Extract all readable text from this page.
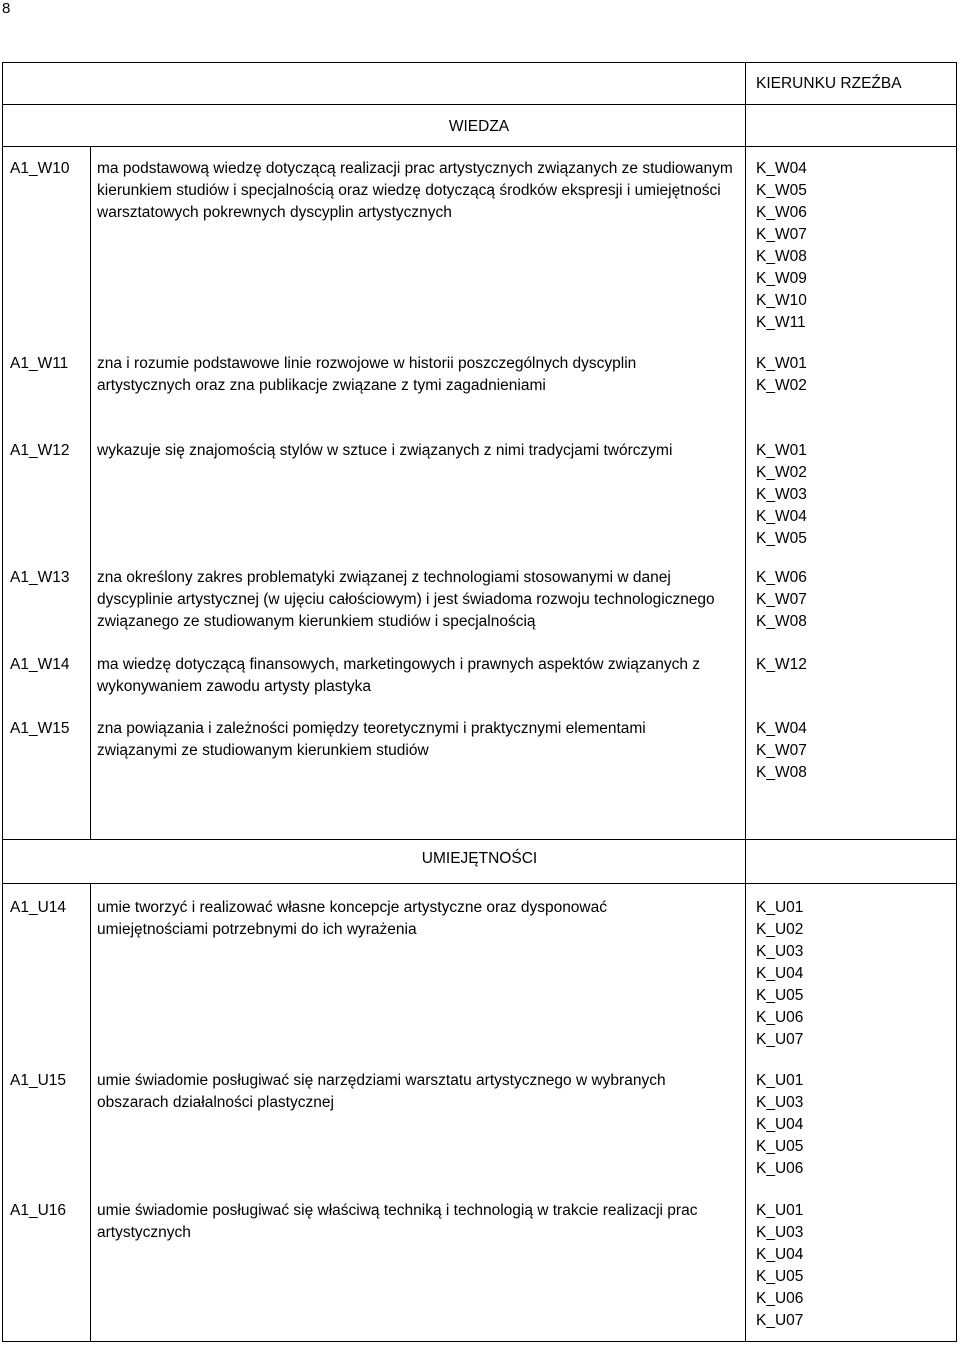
8
KIERUNKU RZEŹBA
WIEDZA
A1_W10 ma podstawową wiedzę dotyczącą realizacji prac artystycznych związanych ze studiowanym kierunkiem studiów i specjalnością oraz wiedzę dotyczącą środków ekspresji i umiejętności warsztatowych pokrewnych dyscyplin artystycznych
K_W04
K_W05
K_W06
K_W07
K_W08
K_W09
K_W10
K_W11
A1_W11 zna i rozumie podstawowe linie rozwojowe w historii poszczególnych dyscyplin artystycznych oraz zna publikacje związane z tymi zagadnieniami
K_W01
K_W02
A1_W12 wykazuje się znajomością stylów w sztuce i związanych z nimi tradycjami twórczymi	K_W01
K_W02
K_W03
K_W04
K_W05
A1_W13 zna określony zakres problematyki związanej z technologiami stosowanymi w danej dyscyplinie artystycznej (w ujęciu całościowym) i jest świadoma rozwoju technologicznego związanego ze studiowanym kierunkiem studiów i specjalnością
K_W06
K_W07
K_W08
A1_W14 ma wiedzę dotyczącą finansowych, marketingowych i prawnych aspektów związanych z wykonywaniem zawodu artysty plastyka
K_W12
A1_W15 zna powiązania i zależności pomiędzy teoretycznymi i praktycznymi elementami związanymi ze studiowanym kierunkiem studiów
K_W04
K_W07
K_W08
UMIEJĘTNOŚCI
A1_U14 umie tworzyć i realizować własne koncepcje artystyczne oraz dysponować umiejętnościami potrzebnymi do ich wyrażenia
K_U01
K_U02
K_U03
K_U04
K_U05
K_U06
K_U07
A1_U15 umie świadomie posługiwać się narzędziami warsztatu artystycznego w wybranych obszarach działalności plastycznej
K_U01
K_U03
K_U04
K_U05
K_U06
A1_U16 umie świadomie posługiwać się właściwą techniką i technologią w trakcie realizacji prac artystycznych
K_U01
K_U03
K_U04
K_U05
K_U06
K_U07
